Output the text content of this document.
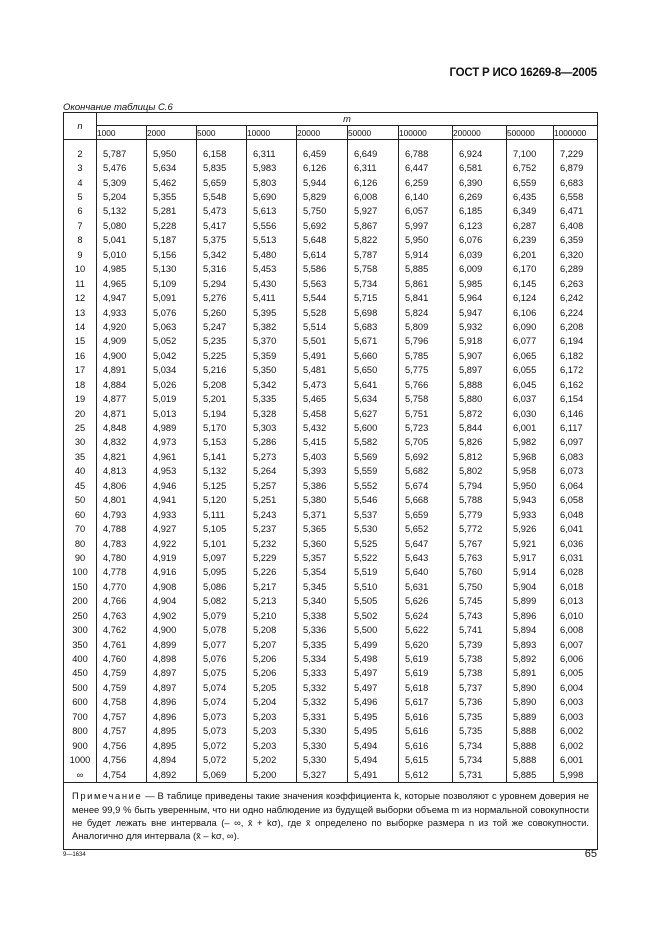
ГОСТ Р ИСО 16269-8—2005
Окончание таблицы С.6
n	m									
	1000	2000	5000	10000	20000	50000	100000	200000	500000	1000000

2	5,787	5,950	6,158	6,311	6,459	6,649	6,788	6,924	7,100	7,229
3	5,476	5,634	5,835	5,983	6,126	6,311	6,447	6,581	6,752	6,879
4	5,309	5,462	5,659	5,803	5,944	6,126	6,259	6,390	6,559	6,683
5	5,204	5,355	5,548	5,690	5,829	6,008	6,140	6,269	6,435	6,558
6	5,132	5,281	5,473	5,613	5,750	5,927	6,057	6,185	6,349	6,471
7	5,080	5,228	5,417	5,556	5,692	5,867	5,997	6,123	6,287	6,408
8	5,041	5,187	5,375	5,513	5,648	5,822	5,950	6,076	6,239	6,359
9	5,010	5,156	5,342	5,480	5,614	5,787	5,914	6,039	6,201	6,320
10	4,985	5,130	5,316	5,453	5,586	5,758	5,885	6,009	6,170	6,289
11	4,965	5,109	5,294	5,430	5,563	5,734	5,861	5,985	6,145	6,263
12	4,947	5,091	5,276	5,411	5,544	5,715	5,841	5,964	6,124	6,242
13	4,933	5,076	5,260	5,395	5,528	5,698	5,824	5,947	6,106	6,224
14	4,920	5,063	5,247	5,382	5,514	5,683	5,809	5,932	6,090	6,208
15	4,909	5,052	5,235	5,370	5,501	5,671	5,796	5,918	6,077	6,194
16	4,900	5,042	5,225	5,359	5,491	5,660	5,785	5,907	6,065	6,182
17	4,891	5,034	5,216	5,350	5,481	5,650	5,775	5,897	6,055	6,172
18	4,884	5,026	5,208	5,342	5,473	5,641	5,766	5,888	6,045	6,162
19	4,877	5,019	5,201	5,335	5,465	5,634	5,758	5,880	6,037	6,154
20	4,871	5,013	5,194	5,328	5,458	5,627	5,751	5,872	6,030	6,146
25	4,848	4,989	5,170	5,303	5,432	5,600	5,723	5,844	6,001	6,117
30	4,832	4,973	5,153	5,286	5,415	5,582	5,705	5,826	5,982	6,097
35	4,821	4,961	5,141	5,273	5,403	5,569	5,692	5,812	5,968	6,083
40	4,813	4,953	5,132	5,264	5,393	5,559	5,682	5,802	5,958	6,073
45	4,806	4,946	5,125	5,257	5,386	5,552	5,674	5,794	5,950	6,064
50	4,801	4,941	5,120	5,251	5,380	5,546	5,668	5,788	5,943	6,058
60	4,793	4,933	5,111	5,243	5,371	5,537	5,659	5,779	5,933	6,048
70	4,788	4,927	5,105	5,237	5,365	5,530	5,652	5,772	5,926	6,041
80	4,783	4,922	5,101	5,232	5,360	5,525	5,647	5,767	5,921	6,036
90	4,780	4,919	5,097	5,229	5,357	5,522	5,643	5,763	5,917	6,031
100	4,778	4,916	5,095	5,226	5,354	5,519	5,640	5,760	5,914	6,028
150	4,770	4,908	5,086	5,217	5,345	5,510	5,631	5,750	5,904	6,018
200	4,766	4,904	5,082	5,213	5,340	5,505	5,626	5,745	5,899	6,013
250	4,763	4,902	5,079	5,210	5,338	5,502	5,624	5,743	5,896	6,010
300	4,762	4,900	5,078	5,208	5,336	5,500	5,622	5,741	5,894	6,008
350	4,761	4,899	5,077	5,207	5,335	5,499	5,620	5,739	5,893	6,007
400	4,760	4,898	5,076	5,206	5,334	5,498	5,619	5,738	5,892	6,006
450	4,759	4,897	5,075	5,206	5,333	5,497	5,619	5,738	5,891	6,005
500	4,759	4,897	5,074	5,205	5,332	5,497	5,618	5,737	5,890	6,004
600	4,758	4,896	5,074	5,204	5,332	5,496	5,617	5,736	5,890	6,003
700	4,757	4,896	5,073	5,203	5,331	5,495	5,616	5,735	5,889	6,003
800	4,757	4,895	5,073	5,203	5,330	5,495	5,616	5,735	5,888	6,002
900	4,756	4,895	5,072	5,203	5,330	5,494	5,616	5,734	5,888	6,002
1000	4,756	4,894	5,072	5,202	5,330	5,494	5,615	5,734	5,888	6,001
∞	4,754	4,892	5,069	5,200	5,327	5,491	5,612	5,731	5,885	5,998
Примечание — В таблице приведены такие значения коэффициента k, которые позволяют с уровнем доверия не менее 99,9 % быть уверенным, что ни одно наблюдение из будущей выборки объема m из нормальной совокупности не будет лежать вне интервала (– ∞, x̄ + kσ), где x̄ определено по выборке размера n из той же совокупности. Аналогично для интервала (x̄ – kσ, ∞).										
9—1634	65
